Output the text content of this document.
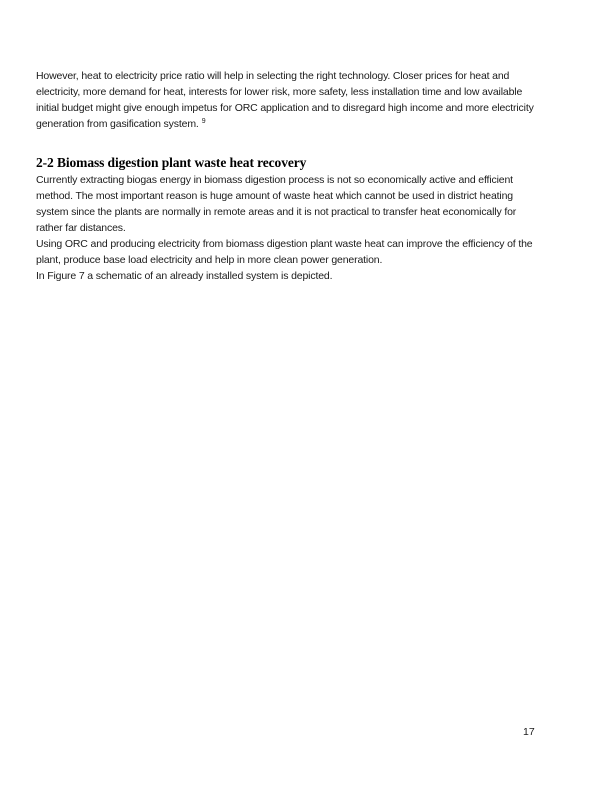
However, heat to electricity price ratio will help in selecting the right technology. Closer prices for heat and
electricity, more demand for heat, interests for lower risk, more safety, less installation time and low available
initial budget might give enough impetus for ORC application and to disregard high income and more electricity
generation from gasification system. $^9$

2-2 Biomass digestion plant waste heat recovery

Currently extracting biogas energy in biomass digestion process is not so economically active and efficient
method. The most important reason is huge amount of waste heat which cannot be used in district heating
system since the plants are normally in remote areas and it is not practical to transfer heat economically for
rather far distances.

Using ORC and producing electricity from biomass digestion plant waste heat can improve the efficiency of the
plant, produce base load electricity and help in more clean power generation.

In Figure 7 a schematic of an already installed system is depicted.

17
